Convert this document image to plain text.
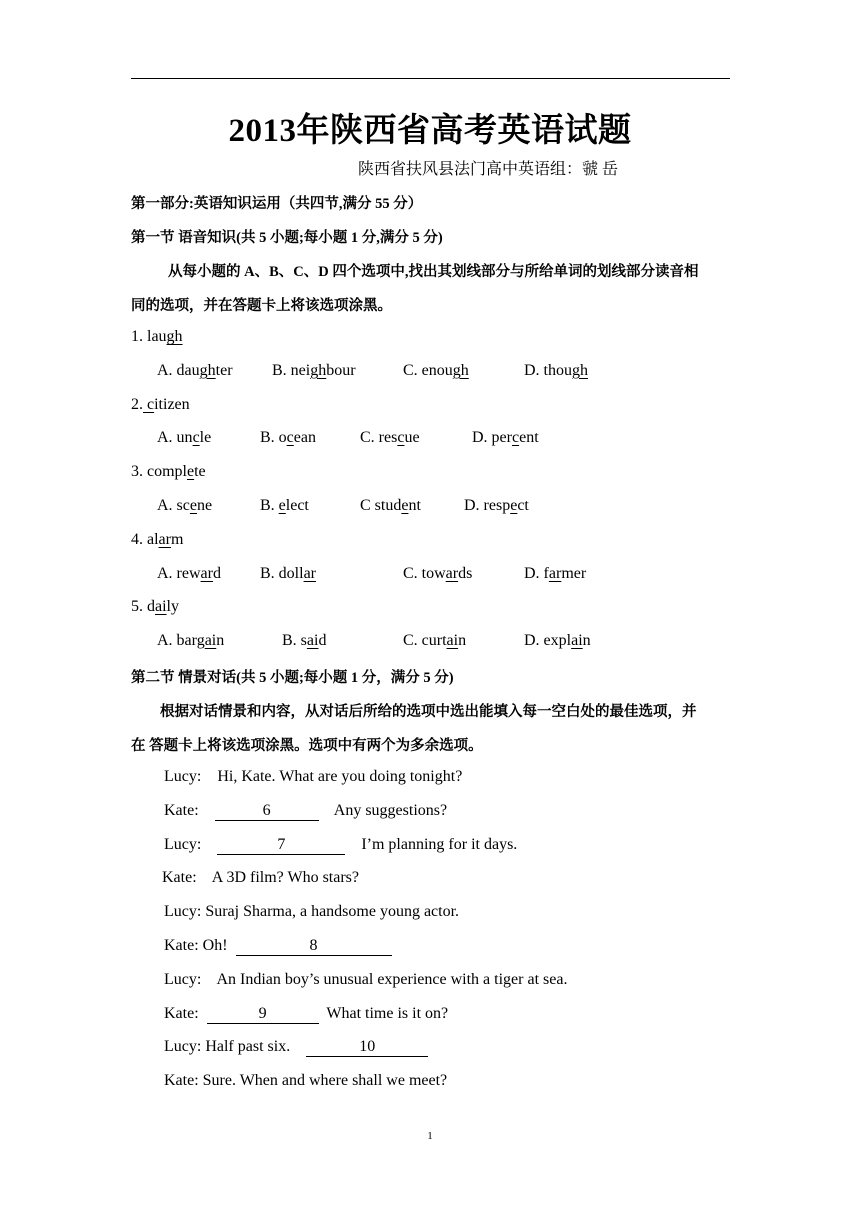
2013年陕西省高考英语试题
陕西省扶风县法门高中英语组：虢 岳
第一部分:英语知识运用（共四节,满分 55 分）
第一节 语音知识(共 5 小题;每小题 1 分,满分 5 分)
从每小题的 A、B、C、D 四个选项中,找出其划线部分与所给单词的划线部分读音相
同的选项，并在答题卡上将该选项涂黑。
1. laugh
A. daughter B. neighbour	C. enough	D. though
2. citizen
A. uncle	B. ocean	C. rescue	D. percent
3. complete
A. scene	B. elect	C student	D. respect
4. alarm
A. reward B. dollar	C. towards	D. farmer
5. daily
A. bargain	B. said	C. curtain	D. explain
第二节 情景对话(共 5 小题;每小题 1 分，满分 5 分)
根据对话情景和内容，从对话后所给的选项中选出能填入每一空白处的最佳选项，并
在 答题卡上将该选项涂黑。选项中有两个为多余选项。
Lucy:    Hi, Kate. What are you doing tonight?
Kate:	6	Any suggestions?
Lucy:	7	I’m planning for it days.
Kate:    A 3D film? Who stars?
Lucy: Suraj Sharma, a handsome young actor.
Kate: Oh!	8
Lucy:    An Indian boy’s unusual experience with a tiger at sea.
Kate:	9	What time is it on?
Lucy: Half past six.	10
Kate: Sure. When and where shall we meet?
1
